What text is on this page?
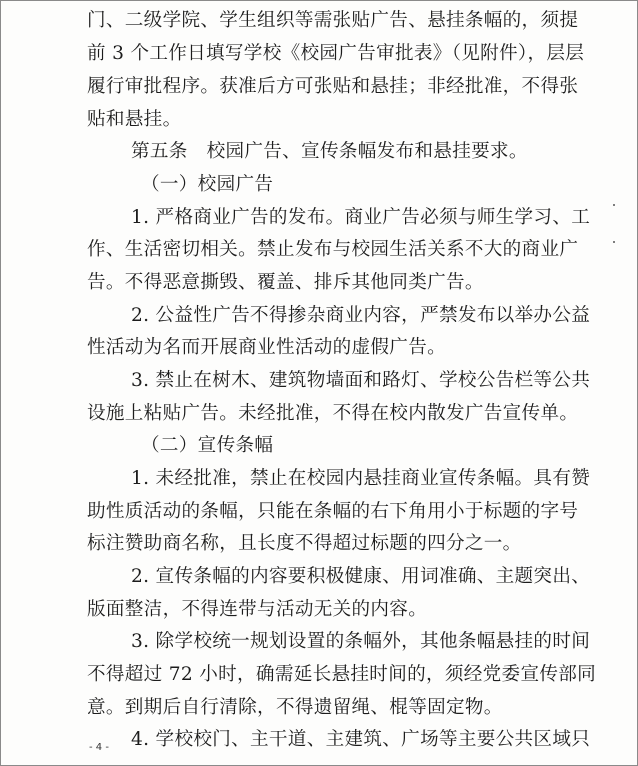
门、二级学院、学生组织等需张贴广告、悬挂条幅的，须提
前 3 个工作日填写学校《校园广告审批表》（见附件），层层
履行审批程序。获准后方可张贴和悬挂；非经批准，不得张
贴和悬挂。
第五条　校园广告、宣传条幅发布和悬挂要求。
（一）校园广告
1. 严格商业广告的发布。商业广告必须与师生学习、工
作、生活密切相关。禁止发布与校园生活关系不大的商业广
告。不得恶意撕毁、覆盖、排斥其他同类广告。
2. 公益性广告不得掺杂商业内容，严禁发布以举办公益
性活动为名而开展商业性活动的虚假广告。
3. 禁止在树木、建筑物墙面和路灯、学校公告栏等公共
设施上粘贴广告。未经批准，不得在校内散发广告宣传单。
（二）宣传条幅
1. 未经批准，禁止在校园内悬挂商业宣传条幅。具有赞
助性质活动的条幅，只能在条幅的右下角用小于标题的字号
标注赞助商名称，且长度不得超过标题的四分之一。
2. 宣传条幅的内容要积极健康、用词准确、主题突出、
版面整洁，不得连带与活动无关的内容。
3. 除学校统一规划设置的条幅外，其他条幅悬挂的时间
不得超过 72 小时，确需延长悬挂时间的，须经党委宣传部同
意。到期后自行清除，不得遗留绳、棍等固定物。
4. 学校校门、主干道、主建筑、广场等主要公共区域只
- 4 -
